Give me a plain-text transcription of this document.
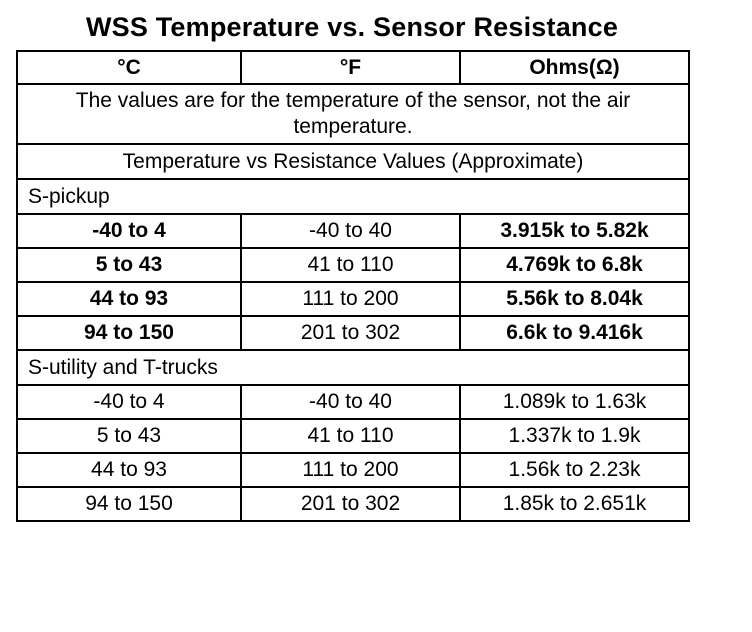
WSS Temperature vs. Sensor Resistance
°C	°F	Ohms(Ω)
The values are for the temperature of the sensor, not the air temperature.		
Temperature vs Resistance Values (Approximate)		
S-pickup		
-40 to 4	-40 to 40	3.915k to 5.82k
5 to 43	41 to 110	4.769k to 6.8k
44 to 93	111 to 200	5.56k to 8.04k
94 to 150	201 to 302	6.6k to 9.416k
S-utility and T-trucks		
-40 to 4	-40 to 40	1.089k to 1.63k
5 to 43	41 to 110	1.337k to 1.9k
44 to 93	111 to 200	1.56k to 2.23k
94 to 150	201 to 302	1.85k to 2.651k
